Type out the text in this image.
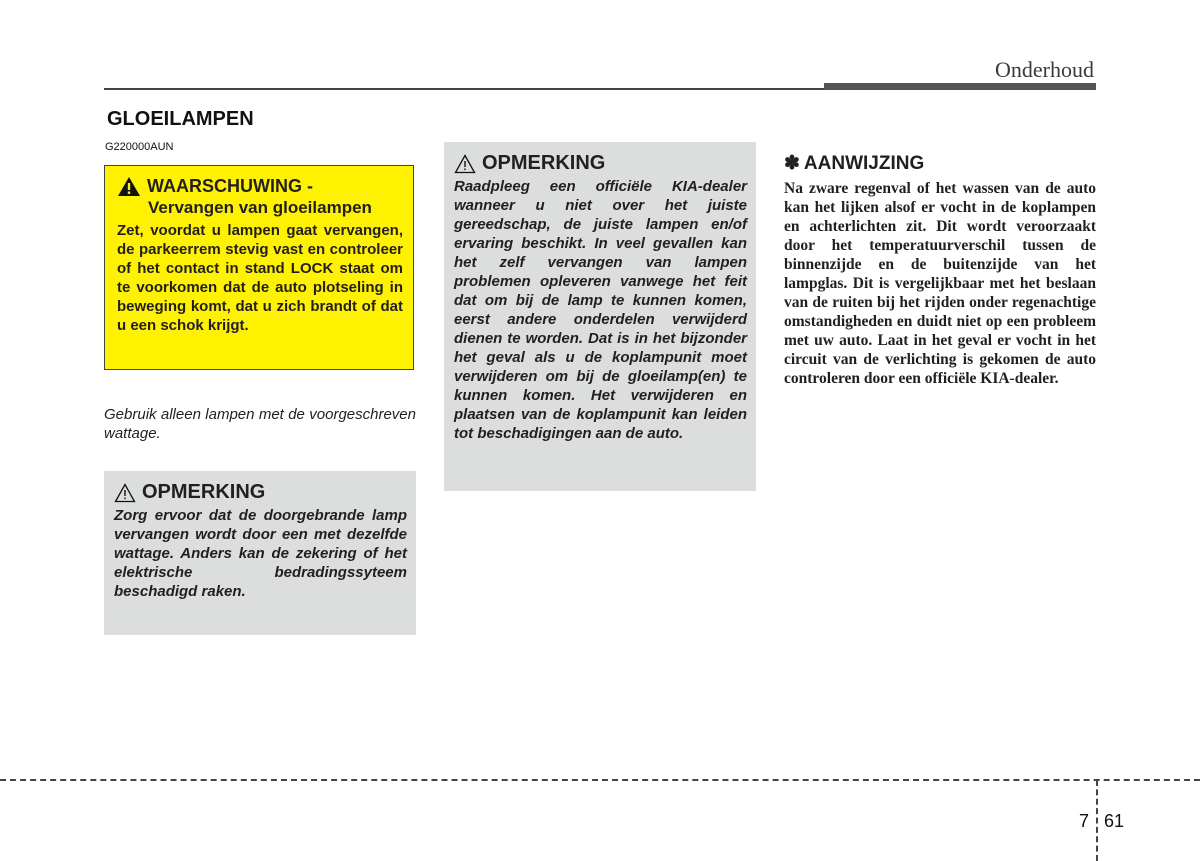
Onderhoud
GLOEILAMPEN
G220000AUN
WAARSCHUWING -
Vervangen van gloeilampen
Zet, voordat u lampen gaat vervangen, de parkeerrem stevig vast en controleer of het contact in stand LOCK staat om te voorkomen dat de auto plotseling in beweging komt, dat u zich brandt of dat u een schok krijgt.
Gebruik alleen lampen met de voorgeschreven wattage.
OPMERKING
Zorg ervoor dat de doorgebrande lamp vervangen wordt door een met dezelfde wattage. Anders kan de zekering of het elektrische bedradingssyteem beschadigd raken.
OPMERKING
Raadpleeg een officiële KIA-dealer wanneer u niet over het juiste gereedschap, de juiste lampen en/of ervaring beschikt. In veel gevallen kan het zelf vervangen van lampen problemen opleveren vanwege het feit dat om bij de lamp te kunnen komen, eerst andere onderdelen verwijderd dienen te worden. Dat is in het bijzonder het geval als u de koplampunit moet verwijderen om bij de gloeilamp(en) te kunnen komen. Het verwijderen en plaatsen van de koplampunit kan leiden tot beschadigingen aan de auto.
✽ AANWIJZING
Na zware regenval of het wassen van de auto kan het lijken alsof er vocht in de koplampen en achterlichten zit. Dit wordt veroorzaakt door het temperatuurverschil tussen de binnenzijde en de buitenzijde van het lampglas. Dit is vergelijkbaar met het beslaan van de ruiten bij het rijden onder regenachtige omstandigheden en duidt niet op een probleem met uw auto. Laat in het geval er vocht in het circuit van de verlichting is gekomen de auto controleren door een officiële KIA-dealer.
7 61
